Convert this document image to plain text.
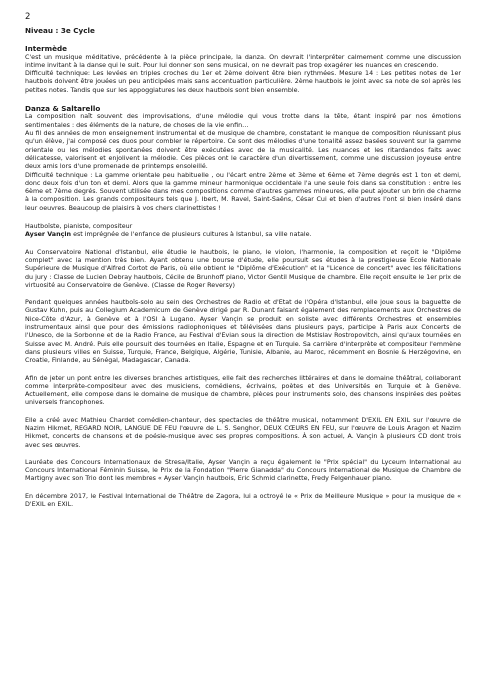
2
Niveau : 3e Cycle
Intermède

C'est un musique méditative, précédente à la pièce principale, la danza. On devrait l'interpréter calmement comme une discussion intime invitant à la danse qui le suit. Pour lui donner son sens musical, on ne devrait pas trop exagérer les nuances en crescendo.

Difficulté technique: Les levées en triples croches du 1er et 2ème doivent être bien rythmées. Mesure 14 : Les petites notes de 1er hautbois doivent être jouées un peu anticipées mais sans accentuation particulière. 2ème hautbois le joint avec sa note de sol après les petites notes. Tandis que sur les appoggiatures les deux hautbois sont bien ensemble.

Danza & Saltarello

La composition naît souvent des improvisations, d'une mélodie qui vous trotte dans la tête, étant inspiré par nos émotions sentimentales : des éléments de la nature, de choses de la vie enfin…

Au fil des années de mon enseignement instrumental et de musique de chambre, constatant le manque de composition réunissant plus qu'un élève, j'ai composé ces duos pour combler le répertoire. Ce sont des mélodies d'une tonalité assez basées souvent sur la gamme orientale ou les mélodies spontanées doivent être exécutées avec de la musicalité. Les nuances et les ritardandos faits avec délicatesse, valorisent et enjolivent la mélodie. Ces pièces ont le caractère d'un divertissement, comme une discussion joyeuse entre deux amis lors d'une promenade de printemps ensoleillé.

Difficulté technique : La gamme orientale peu habituelle , ou l'écart entre 2ème et 3ème et 6ème et 7ème degrés est 1 ton et demi, donc deux fois d'un ton et demi. Alors que la gamme mineur harmonique occidentale l'a une seule fois dans sa constitution : entre les 6ème et 7ème degrés. Souvent utilisée dans mes compositions comme d'autres gammes mineures, elle peut ajouter un brin de charme à la composition. Les grands compositeurs tels que J. Ibert, M. Ravel, Saint-Saëns, César Cui et bien d'autres l'ont si bien inséré dans leur oeuvres. Beaucoup de plaisirs à vos chers clarinettistes !

Hautboïste, pianiste, compositeur

Ayser Vançin est imprégnée de l'enfance de plusieurs cultures à Istanbul, sa ville natale.

Au Conservatoire National d'Istanbul, elle étudie le hautbois, le piano, le violon, l'harmonie, la composition et reçoit le "Diplôme complet" avec la mention très bien. Ayant obtenu une bourse d'étude, elle poursuit ses études à la prestigieuse Ecole Nationale Supérieure de Musique d'Alfred Cortot de Paris, où elle obtient le "Diplôme d'Exécution" et la "Licence de concert" avec les félicitations du jury : Classe de Lucien Debray hautbois, Cécile de Brunhoff piano, Victor Gentil Musique de chambre. Elle reçoit ensuite le 1er prix de virtuosité au Conservatoire de Genève. (Classe de Roger Reversy)

Pendant quelques années hautboïs-solo au sein des Orchestres de Radio et d'Etat de l'Opéra d'Istanbul, elle joue sous la baguette de Gustav Kuhn, puis au Collegium Academicum de Genève dirigé par R. Dunant faisant également des remplacements aux Orchestres de Nice-Côte d'Azur, à Genève et à l'OSI à Lugano. Ayser Vançin se produit en soliste avec différents Orchestres et ensembles instrumentaux ainsi que pour des émissions radiophoniques et télévisées dans plusieurs pays, participe à Paris aux Concerts de l'Unesco, de la Sorbonne et de la Radio France, au Festival d'Evian sous la direction de Mstislav Rostropovitch, ainsi qu'aux tournées en Suisse avec M. André. Puis elle poursuit des tournées en Italie, Espagne et en Turquie. Sa carrière d'interprète et compositeur l'emmène dans plusieurs villes en Suisse, Turquie, France, Belgique, Algérie, Tunisie, Albanie, au Maroc, récemment en Bosnie & Herzégovine, en Croatie, Finlande, au Sénégal, Madagascar, Canada.

Afin de jeter un pont entre les diverses branches artistiques, elle fait des recherches littéraires et dans le domaine théâtral, collaborant comme interprète-compositeur avec des musiciens, comédiens, écrivains, poètes et des Universités en Turquie et à Genève. Actuellement, elle compose dans le domaine de musique de chambre, pièces pour instruments solo, des chansons inspirées des poètes universels francophones.

Elle a créé avec Mathieu Chardet comédien-chanteur, des spectacles de théâtre musical, notamment D'EXIL EN EXIL sur l'œuvre de Nazim Hikmet, REGARD NOIR, LANGUE DE FEU l'œuvre de L. S. Senghor, DEUX CŒURS EN FEU, sur l'œuvre de Louis Aragon et Nazim Hikmet, concerts de chansons et de poésie-musique avec ses propres compositions. À son actuel, A. Vançin à plusieurs CD dont trois avec ses œuvres.

Lauréate des Concours Internationaux de Stresa/Italie, Ayser Vançin a reçu également le "Prix spécial" du Lyceum International au Concours International Féminin Suisse, le Prix de la Fondation "Pierre Gianadda" du Concours International de Musique de Chambre de Martigny avec son Trio dont les membres « Ayser Vançin hautbois, Eric Schmid clarinette, Fredy Felgenhauer piano.

En décembre 2017, le Festival International de Théâtre de Zagora, lui a octroyé le « Prix de Meilleure Musique » pour la musique de « D'EXIL en EXIL.
